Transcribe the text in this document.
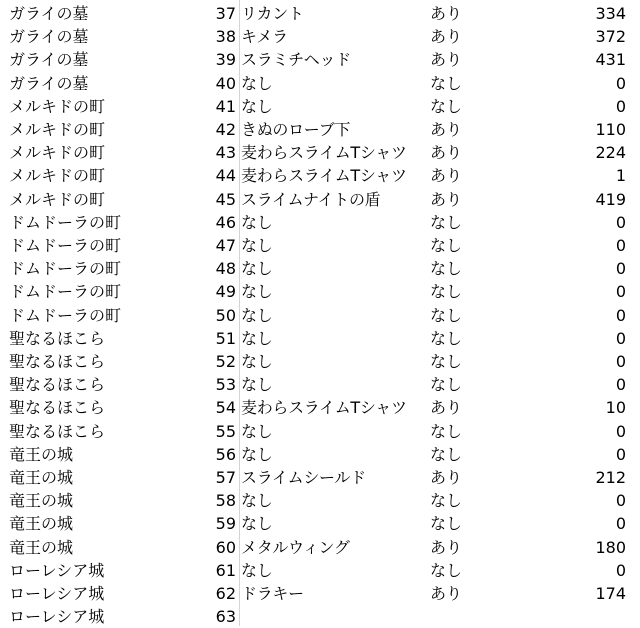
ガライの墓	37 リカント	あり	334
ガライの墓	38 キメラ	あり	372
ガライの墓	39 スラミチヘッド	あり	431
ガライの墓	40 なし	なし	0
メルキドの町	41 なし	なし	0
メルキドの町	42 きぬのローブ下	あり	110
メルキドの町	43 麦わらスライムTシャツ	あり	224
メルキドの町	44 麦わらスライムTシャツ	あり	1
メルキドの町	45 スライムナイトの盾	あり	419
ドムドーラの町	46 なし	なし	0
ドムドーラの町	47 なし	なし	0
ドムドーラの町	48 なし	なし	0
ドムドーラの町	49 なし	なし	0
ドムドーラの町	50 なし	なし	0
聖なるほこら	51 なし	なし	0
聖なるほこら	52 なし	なし	0
聖なるほこら	53 なし	なし	0
聖なるほこら	54 麦わらスライムTシャツ	あり	10
聖なるほこら	55 なし	なし	0
竜王の城	56 なし	なし	0
竜王の城	57 スライムシールド	あり	212
竜王の城	58 なし	なし	0
竜王の城	59 なし	なし	0
竜王の城	60 メタルウィング	あり	180
ローレシア城	61 なし	なし	0
ローレシア城	62 ドラキー	あり	174
ローレシア城	63
